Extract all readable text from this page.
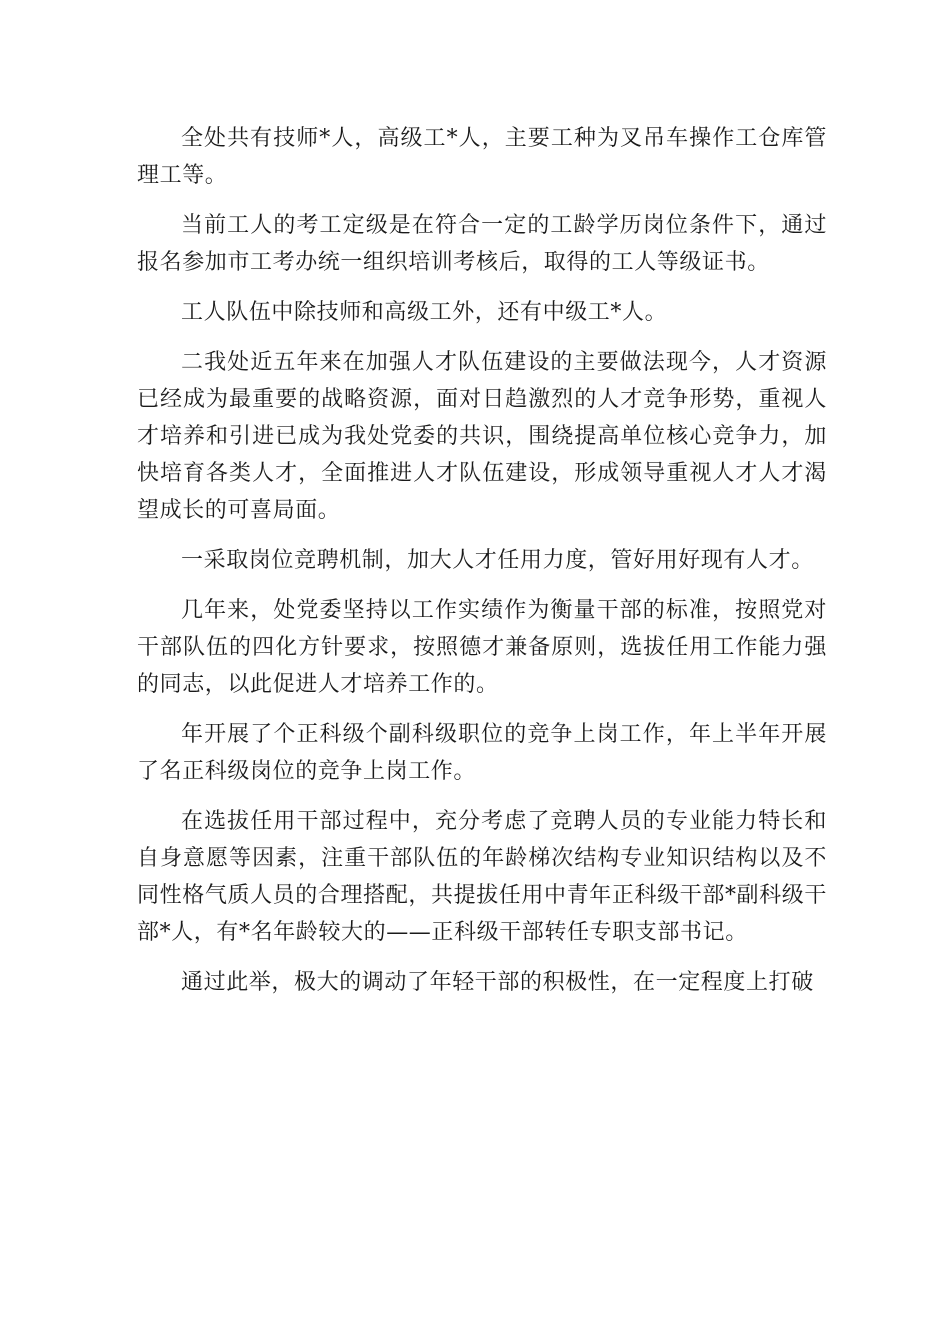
全处共有技师*人，高级工*人，主要工种为叉吊车操作工仓库管理工等。

当前工人的考工定级是在符合一定的工龄学历岗位条件下，通过报名参加市工考办统一组织培训考核后，取得的工人等级证书。

工人队伍中除技师和高级工外，还有中级工*人。

二我处近五年来在加强人才队伍建设的主要做法现今，人才资源已经成为最重要的战略资源，面对日趋激烈的人才竞争形势，重视人才培养和引进已成为我处党委的共识，围绕提高单位核心竞争力，加快培育各类人才，全面推进人才队伍建设，形成领导重视人才人才渴望成长的可喜局面。

一采取岗位竞聘机制，加大人才任用力度，管好用好现有人才。

几年来，处党委坚持以工作实绩作为衡量干部的标准，按照党对干部队伍的四化方针要求，按照德才兼备原则，选拔任用工作能力强的同志，以此促进人才培养工作的。

年开展了个正科级个副科级职位的竞争上岗工作，年上半年开展了名正科级岗位的竞争上岗工作。

在选拔任用干部过程中，充分考虑了竞聘人员的专业能力特长和自身意愿等因素，注重干部队伍的年龄梯次结构专业知识结构以及不同性格气质人员的合理搭配，共提拔任用中青年正科级干部*副科级干部*人，有*名年龄较大的——正科级干部转任专职支部书记。

通过此举，极大的调动了年轻干部的积极性，在一定程度上打破
